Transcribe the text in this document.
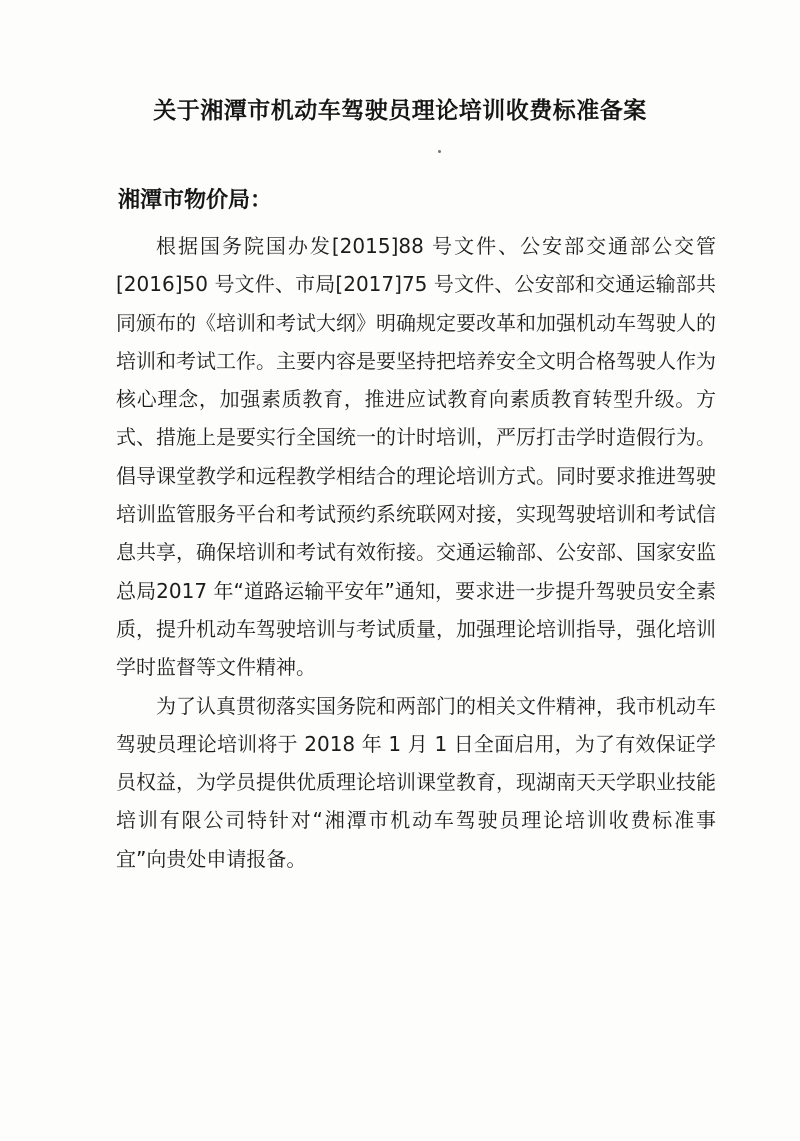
关于湘潭市机动车驾驶员理论培训收费标准备案
湘潭市物价局：

根据国务院国办发[2015]88 号文件、公安部交通部公交管[2016]50 号文件、市局[2017]75 号文件、公安部和交通运输部共同颁布的《培训和考试大纲》明确规定要改革和加强机动车驾驶人的培训和考试工作。主要内容是要坚持把培养安全文明合格驾驶人作为核心理念，加强素质教育，推进应试教育向素质教育转型升级。方式、措施上是要实行全国统一的计时培训，严厉打击学时造假行为。倡导课堂教学和远程教学相结合的理论培训方式。同时要求推进驾驶培训监管服务平台和考试预约系统联网对接，实现驾驶培训和考试信息共享，确保培训和考试有效衔接。交通运输部、公安部、国家安监总局2017 年“道路运输平安年”通知，要求进一步提升驾驶员安全素质，提升机动车驾驶培训与考试质量，加强理论培训指导，强化培训学时监督等文件精神。

为了认真贯彻落实国务院和两部门的相关文件精神，我市机动车驾驶员理论培训将于 2018 年 1 月 1 日全面启用，为了有效保证学员权益，为学员提供优质理论培训课堂教育，现湖南天天学职业技能培训有限公司特针对“湘潭市机动车驾驶员理论培训收费标准事宜”向贵处申请报备。
